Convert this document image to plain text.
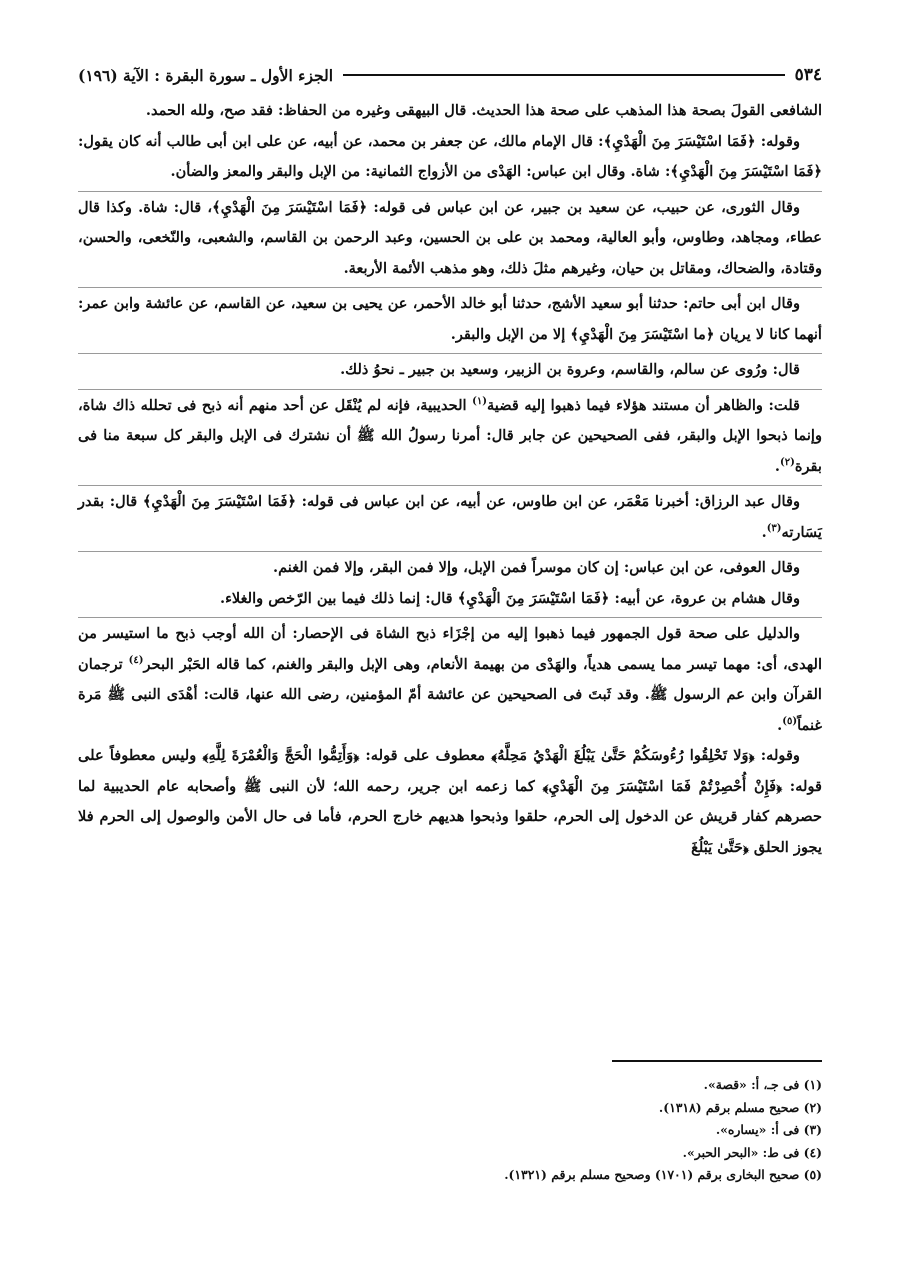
٥٣٤
الجزء الأول ـ سورة البقرة : الآية (١٩٦)

الشافعى القولَ بصحة هذا المذهب على صحة هذا الحديث. قال البيهقى وغيره من الحفاظ: فقد صح، ولله الحمد.

وقوله: ﴿فَمَا اسْتَيْسَرَ مِنَ الْهَدْيِ﴾: قال الإمام مالك، عن جعفر بن محمد، عن أبيه، عن على ابن أبى طالب أنه كان يقول: ﴿فَمَا اسْتَيْسَرَ مِنَ الْهَدْيِ﴾: شاة. وقال ابن عباس: الهَدْى من الأزواج الثمانية: من الإبل والبقر والمعز والضأن.

وقال الثورى، عن حبيب، عن سعيد بن جبير، عن ابن عباس فى قوله: ﴿فَمَا اسْتَيْسَرَ مِنَ الْهَدْيِ﴾، قال: شاة. وكذا قال عطاء، ومجاهد، وطاوس، وأبو العالية، ومحمد بن على بن الحسين، وعبد الرحمن بن القاسم، والشعبى، والنّخعى، والحسن، وقتادة، والضحاك، ومقاتل بن حيان، وغيرهم مثلَ ذلك، وهو مذهب الأئمة الأربعة.

وقال ابن أبى حاتم: حدثنا أبو سعيد الأشج، حدثنا أبو خالد الأحمر، عن يحيى بن سعيد، عن القاسم، عن عائشة وابن عمر: أنهما كانا لا يريان ﴿ما اسْتَيْسَرَ مِنَ الْهَدْيِ﴾ إلا من الإبل والبقر.

قال: ورُوى عن سالم، والقاسم، وعروة بن الزبير، وسعيد بن جبير ـ نحوُ ذلك.

قلت: والظاهر أن مستند هؤلاء فيما ذهبوا إليه قضية$^{(١)}$ الحديبية، فإنه لم يُنْقَل عن أحد منهم أنه ذبح فى تحلله ذاك شاة، وإنما ذبحوا الإبل والبقر، ففى الصحيحين عن جابر قال: أمرنا رسولُ الله ﷺ أن نشترك فى الإبل والبقر كل سبعة منا فى بقرة$^{(٢)}$.

وقال عبد الرزاق: أخبرنا مَعْمَر، عن ابن طاوس، عن أبيه، عن ابن عباس فى قوله: ﴿فَمَا اسْتَيْسَرَ مِنَ الْهَدْيِ﴾ قال: بقدر يَسَارته$^{(٣)}$.

وقال العوفى، عن ابن عباس: إن كان موسراً فمن الإبل، وإلا فمن البقر، وإلا فمن الغنم.

وقال هشام بن عروة، عن أبيه: ﴿فَمَا اسْتَيْسَرَ مِنَ الْهَدْيِ﴾ قال: إنما ذلك فيما بين الرّخص والغلاء.

والدليل على صحة قول الجمهور فيما ذهبوا إليه من إجْزَاء ذبح الشاة فى الإحصار: أن الله أوجب ذبح ما استيسر من الهدى، أى: مهما تيسر مما يسمى هدياً، والهَدْى من بهيمة الأنعام، وهى الإبل والبقر والغنم، كما قاله الحَبْر البحر$^{(٤)}$ ترجمان القرآن وابن عم الرسول ﷺ. وقد ثَبتَ فى الصحيحين عن عائشة أمّ المؤمنين، رضى الله عنها، قالت: أهْدَى النبى ﷺ مَرة غنماً$^{(٥)}$.

وقوله: ﴿وَلا تَحْلِقُوا رُءُوسَكُمْ حَتَّىٰ يَبْلُغَ الْهَدْيُ مَحِلَّهُ﴾ معطوف على قوله: ﴿وَأَتِمُّوا الْحَجَّ وَالْعُمْرَةَ لِلَّهِ﴾ وليس معطوفاً على قوله: ﴿فَإِنْ أُحْصِرْتُمْ فَمَا اسْتَيْسَرَ مِنَ الْهَدْيِ﴾ كما زعمه ابن جرير، رحمه الله؛ لأن النبى ﷺ وأصحابه عام الحديبية لما حصرهم كفار قريش عن الدخول إلى الحرم، حلقوا وذبحوا هديهم خارج الحرم، فأما فى حال الأمن والوصول إلى الحرم فلا يجوز الحلق ﴿حَتَّىٰ يَبْلُغَ

(١) فى جـ، أ: «قصة».

(٢) صحيح مسلم برقم (١٣١٨).

(٣) فى أ: «يساره».

(٤) فى ط: «البحر الحبر».

(٥) صحيح البخارى برقم (١٧٠١) وصحيح مسلم برقم (١٣٢١).
